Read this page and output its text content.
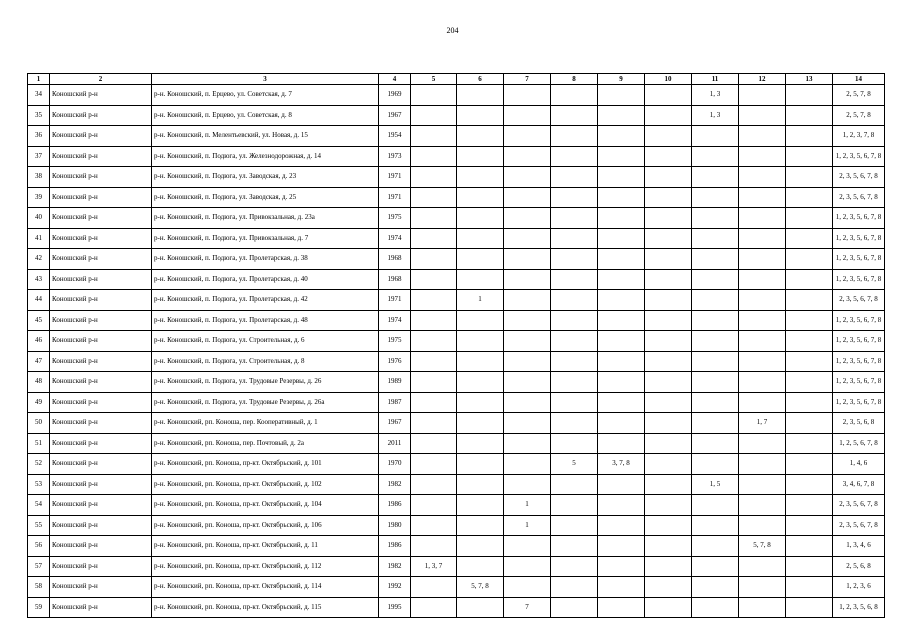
204
1	2	3	4	5	6	7	8	9	10	11	12	13	14
34	Коношский р-н	р-н. Коношский, п. Ерцево, ул. Советская, д. 7	1969							1, 3			2, 5, 7, 8
35	Коношский р-н	р-н. Коношский, п. Ерцево, ул. Советская, д. 8	1967							1, 3			2, 5, 7, 8
36	Коношский р-н	р-н. Коношский, п. Мелентьевский, ул. Новая, д. 15	1954										1, 2, 3, 7, 8
37	Коношский р-н	р-н. Коношский, п. Подюга, ул. Железнодорожная, д. 14	1973										1, 2, 3, 5, 6, 7, 8
38	Коношский р-н	р-н. Коношский, п. Подюга, ул. Заводская, д. 23	1971										2, 3, 5, 6, 7, 8
39	Коношский р-н	р-н. Коношский, п. Подюга, ул. Заводская, д. 25	1971										2, 3, 5, 6, 7, 8
40	Коношский р-н	р-н. Коношский, п. Подюга, ул. Привокзальная, д. 23а	1975										1, 2, 3, 5, 6, 7, 8
41	Коношский р-н	р-н. Коношский, п. Подюга, ул. Привокзальная, д. 7	1974										1, 2, 3, 5, 6, 7, 8
42	Коношский р-н	р-н. Коношский, п. Подюга, ул. Пролетарская, д. 38	1968										1, 2, 3, 5, 6, 7, 8
43	Коношский р-н	р-н. Коношский, п. Подюга, ул. Пролетарская, д. 40	1968										1, 2, 3, 5, 6, 7, 8
44	Коношский р-н	р-н. Коношский, п. Подюга, ул. Пролетарская, д. 42	1971		1								2, 3, 5, 6, 7, 8
45	Коношский р-н	р-н. Коношский, п. Подюга, ул. Пролетарская, д. 48	1974										1, 2, 3, 5, 6, 7, 8
46	Коношский р-н	р-н. Коношский, п. Подюга, ул. Строительная, д. 6	1975										1, 2, 3, 5, 6, 7, 8
47	Коношский р-н	р-н. Коношский, п. Подюга, ул. Строительная, д. 8	1976										1, 2, 3, 5, 6, 7, 8
48	Коношский р-н	р-н. Коношский, п. Подюга, ул. Трудовые Резервы, д. 26	1989										1, 2, 3, 5, 6, 7, 8
49	Коношский р-н	р-н. Коношский, п. Подюга, ул. Трудовые Резервы, д. 26а	1987										1, 2, 3, 5, 6, 7, 8
50	Коношский р-н	р-н. Коношский, рп. Коноша, пер. Кооперативный, д. 1	1967								1, 7		2, 3, 5, 6, 8
51	Коношский р-н	р-н. Коношский, рп. Коноша, пер. Почтовый, д. 2а	2011										1, 2, 5, 6, 7, 8
52	Коношский р-н	р-н. Коношский, рп. Коноша, пр-кт. Октябрьский, д. 101	1970				5	3, 7, 8					1, 4, 6
53	Коношский р-н	р-н. Коношский, рп. Коноша, пр-кт. Октябрьский, д. 102	1982							1, 5			3, 4, 6, 7, 8
54	Коношский р-н	р-н. Коношский, рп. Коноша, пр-кт. Октябрьский, д. 104	1986			1							2, 3, 5, 6, 7, 8
55	Коношский р-н	р-н. Коношский, рп. Коноша, пр-кт. Октябрьский, д. 106	1980			1							2, 3, 5, 6, 7, 8
56	Коношский р-н	р-н. Коношский, рп. Коноша, пр-кт. Октябрьский, д. 11	1986								5, 7, 8		1, 3, 4, 6
57	Коношский р-н	р-н. Коношский, рп. Коноша, пр-кт. Октябрьский, д. 112	1982	1, 3, 7									2, 5, 6, 8
58	Коношский р-н	р-н. Коношский, рп. Коноша, пр-кт. Октябрьский, д. 114	1992		5, 7, 8								1, 2, 3, 6
59	Коношский р-н	р-н. Коношский, рп. Коноша, пр-кт. Октябрьский, д. 115	1995			7							1, 2, 3, 5, 6, 8
